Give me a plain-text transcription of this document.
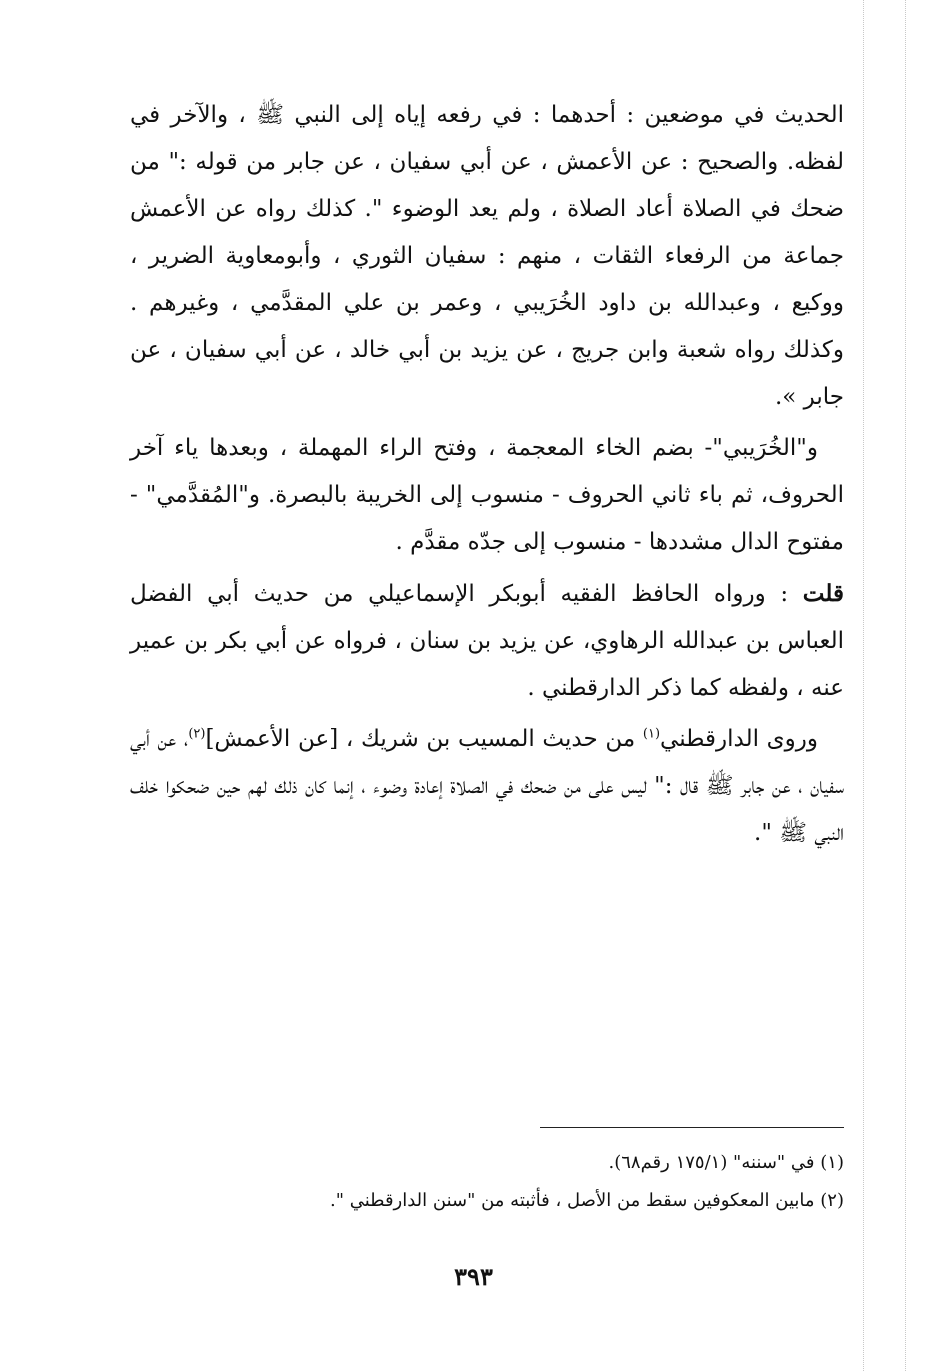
الحديث في موضعين : أحدهما : في رفعه إياه إلى النبي ﷺ ، والآخر في لفظه. والصحيح : عن الأعمش ، عن أبي سفيان ، عن جابر من قوله :" من ضحك في الصلاة أعاد الصلاة ، ولم يعد الوضوء ". كذلك رواه عن الأعمش جماعة من الرفعاء الثقات ، منهم : سفيان الثوري ، وأبومعاوية الضرير ، ووكيع ، وعبدالله بن داود الخُرَيبي ، وعمر بن علي المقدَّمي ، وغيرهم . وكذلك رواه شعبة وابن جريج ، عن يزيد بن أبي خالد ، عن أبي سفيان ، عن جابر ».

و"الخُرَيبي"- بضم الخاء المعجمة ، وفتح الراء المهملة ، وبعدها ياء آخر الحروف، ثم باء ثاني الحروف - منسوب إلى الخريبة بالبصرة. و"المُقدَّمي" - مفتوح الدال مشددها - منسوب إلى جدّه مقدَّم .

قلت : ورواه الحافظ الفقيه أبوبكر الإسماعيلي من حديث أبي الفضل العباس بن عبدالله الرهاوي، عن يزيد بن سنان ، فرواه عن أبي بكر بن عمير عنه ، ولفظه كما ذكر الدارقطني .

وروى الدارقطني$^{(١)}$ من حديث المسيب بن شريك ، [عن الأعمش]$^{(٢)}$، عن أبي سفيان ، عن جابر ﷺ قال :" ليس على من ضحك في الصلاة إعادة وضوء ، إنما كان ذلك لهم حين ضحكوا خلف النبي ﷺ ".

(١) في "سننه" (١٧٥/١ رقم٦٨).

(٢) مابين المعكوفين سقط من الأصل ، فأثبته من "سنن الدارقطني ".

٣٩٣
